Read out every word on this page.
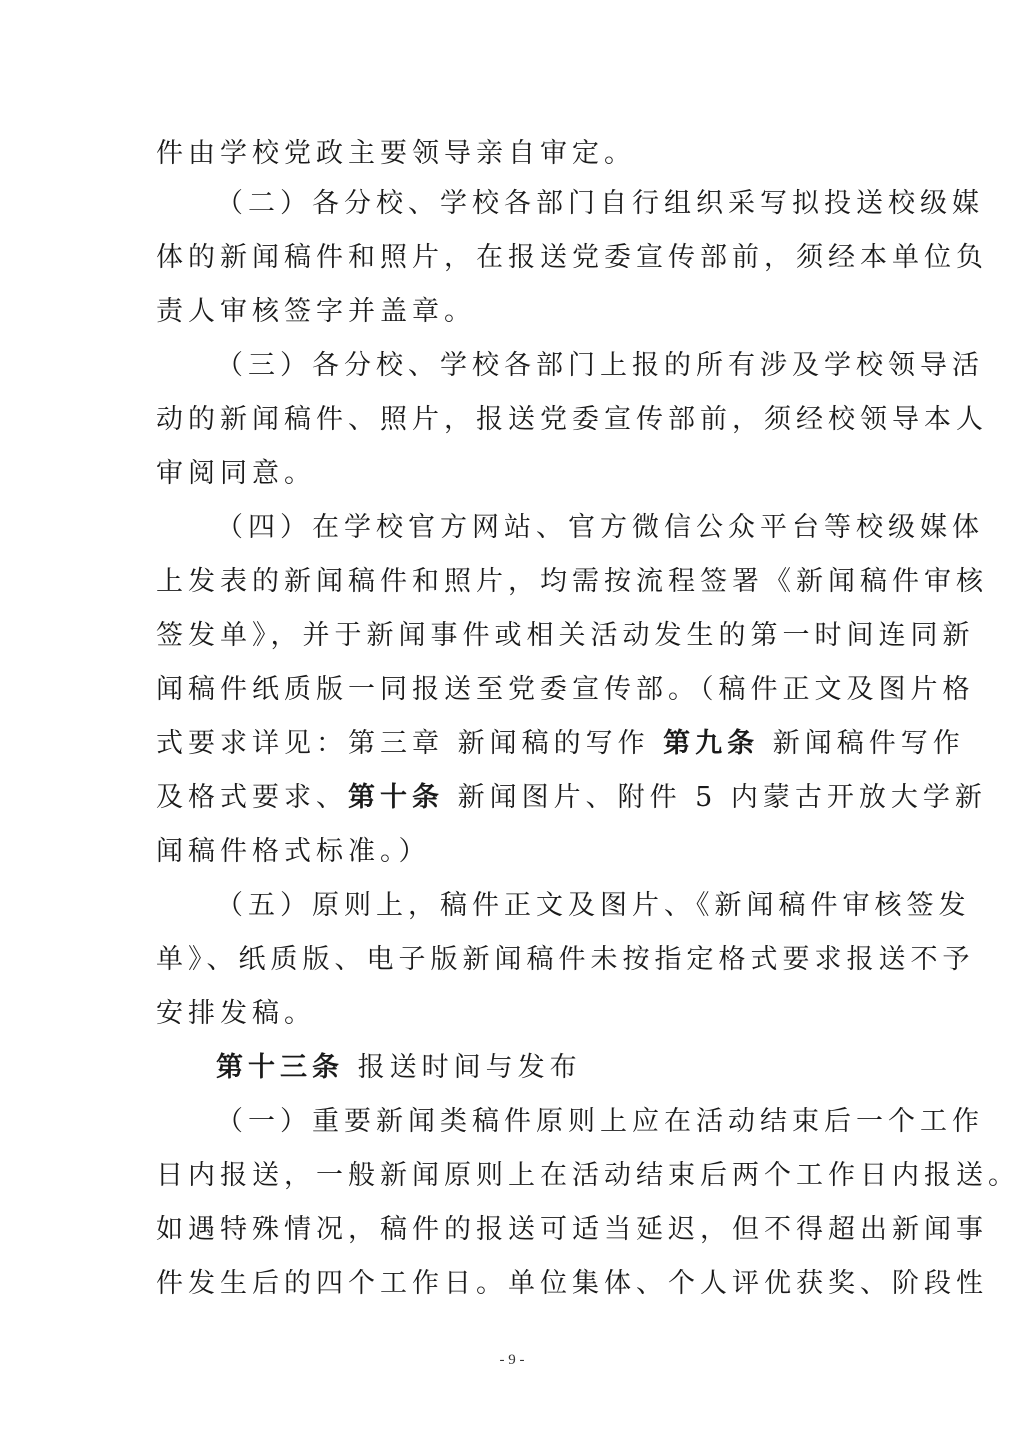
件由学校党政主要领导亲自审定。
（二）各分校、学校各部门自行组织采写拟投送校级媒
体的新闻稿件和照片，在报送党委宣传部前，须经本单位负
责人审核签字并盖章。
（三）各分校、学校各部门上报的所有涉及学校领导活
动的新闻稿件、照片，报送党委宣传部前，须经校领导本人
审阅同意。
（四）在学校官方网站、官方微信公众平台等校级媒体
上发表的新闻稿件和照片，均需按流程签署《新闻稿件审核
签发单》，并于新闻事件或相关活动发生的第一时间连同新
闻稿件纸质版一同报送至党委宣传部。（稿件正文及图片格
式要求详见：第三章 新闻稿的写作 第九条 新闻稿件写作
及格式要求、第十条 新闻图片、附件 5 内蒙古开放大学新
闻稿件格式标准。）
（五）原则上，稿件正文及图片、《新闻稿件审核签发
单》、纸质版、电子版新闻稿件未按指定格式要求报送不予
安排发稿。
第十三条 报送时间与发布
（一）重要新闻类稿件原则上应在活动结束后一个工作
日内报送，一般新闻原则上在活动结束后两个工作日内报送。
如遇特殊情况，稿件的报送可适当延迟，但不得超出新闻事
件发生后的四个工作日。单位集体、个人评优获奖、阶段性
- 9 -
